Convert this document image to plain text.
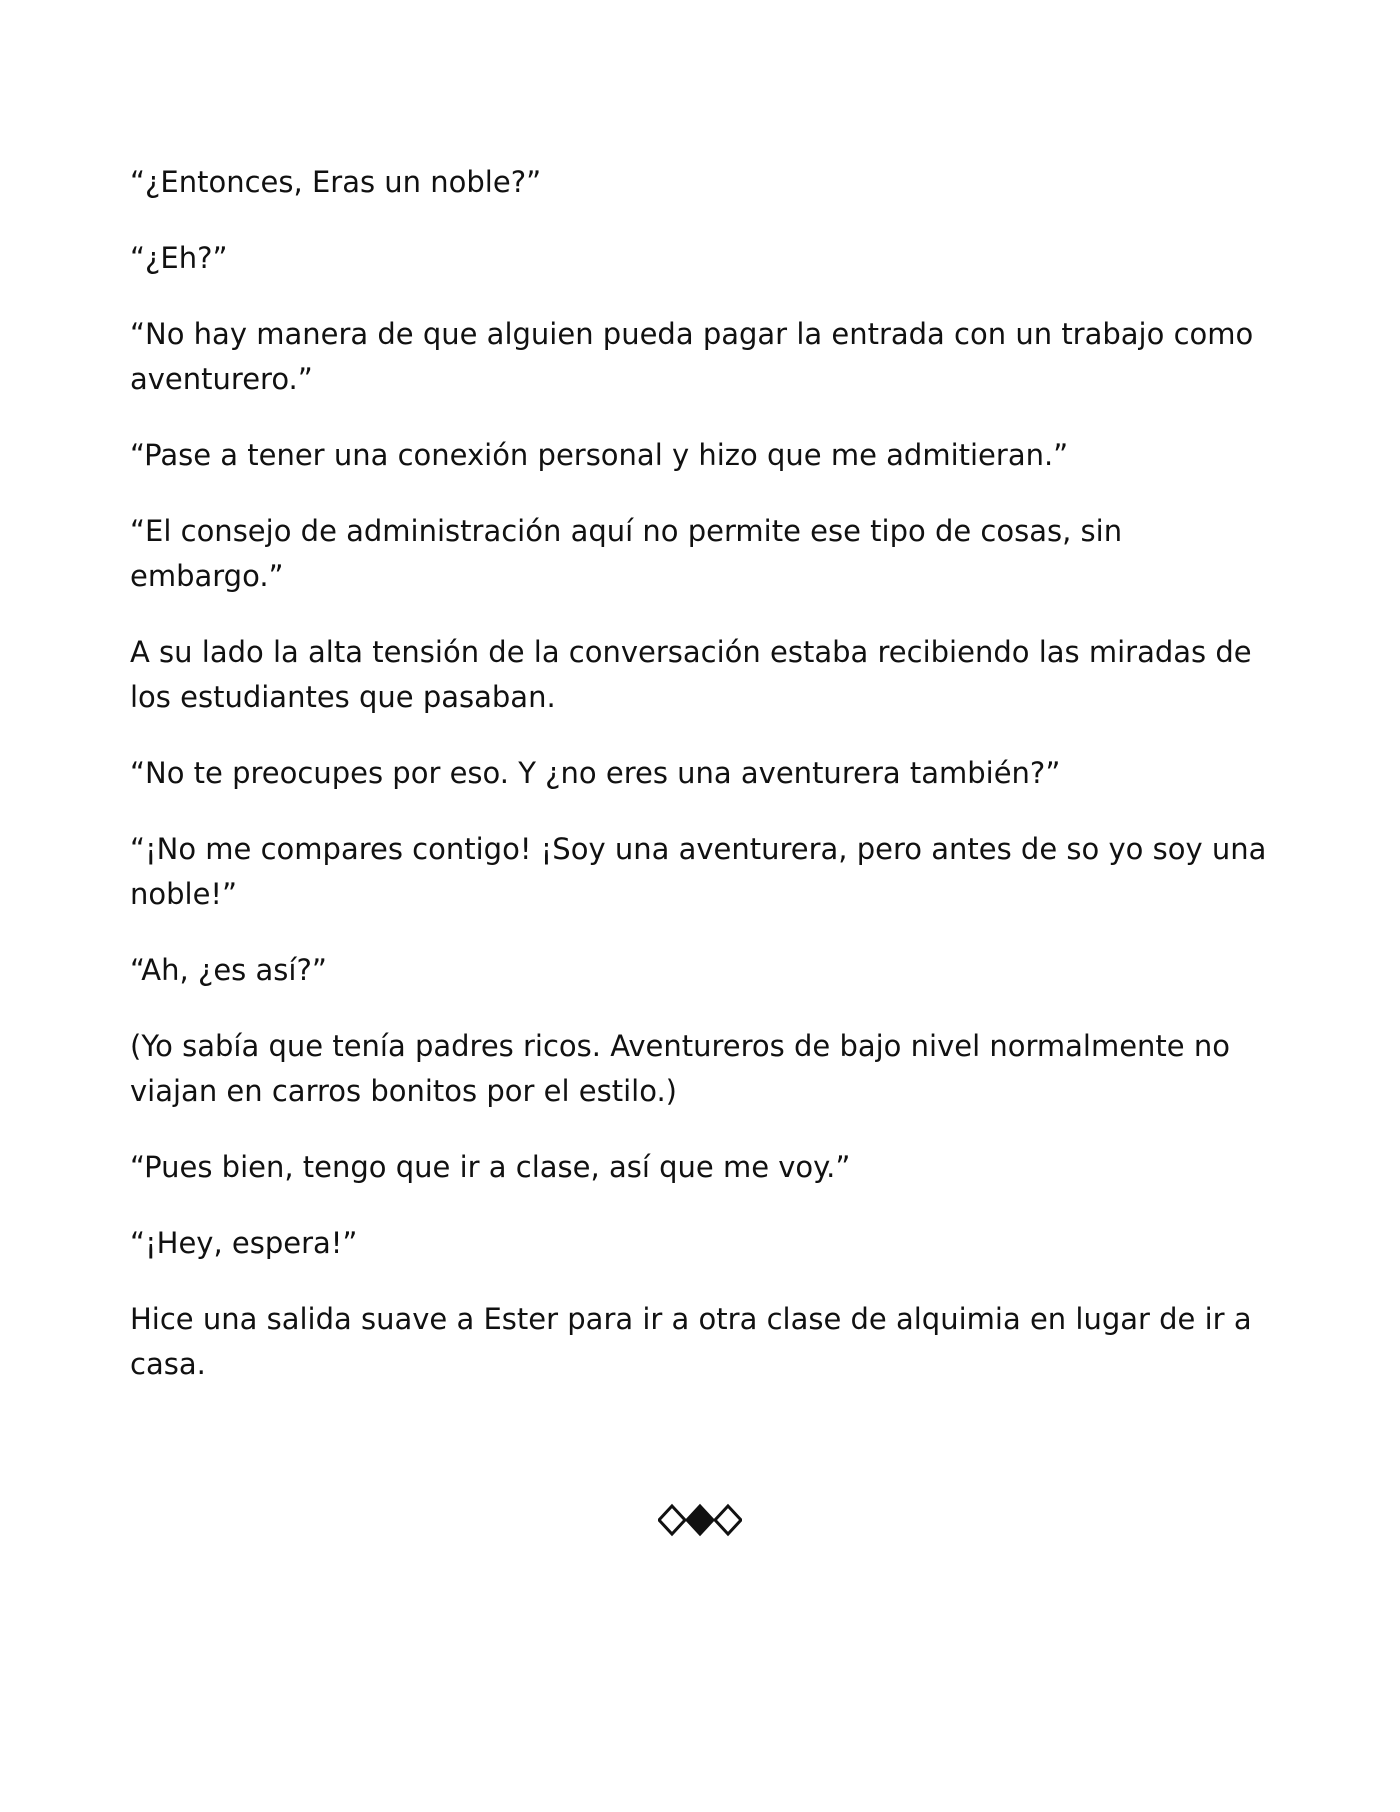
“¿Entonces, Eras un noble?”

“¿Eh?”

“No hay manera de que alguien pueda pagar la entrada con un trabajo como aventurero.”

“Pase a tener una conexión personal y hizo que me admitieran.”

“El consejo de administración aquí no permite ese tipo de cosas, sin embargo.”

A su lado la alta tensión de la conversación estaba recibiendo las miradas de los estudiantes que pasaban.

“No te preocupes por eso. Y ¿no eres una aventurera también?”

“¡No me compares contigo! ¡Soy una aventurera, pero antes de so yo soy una noble!”

“Ah, ¿es así?”

(Yo sabía que tenía padres ricos. Aventureros de bajo nivel normalmente no viajan en carros bonitos por el estilo.)

“Pues bien, tengo que ir a clase, así que me voy.”

“¡Hey, espera!”

Hice una salida suave a Ester para ir a otra clase de alquimia en lugar de ir a casa.
